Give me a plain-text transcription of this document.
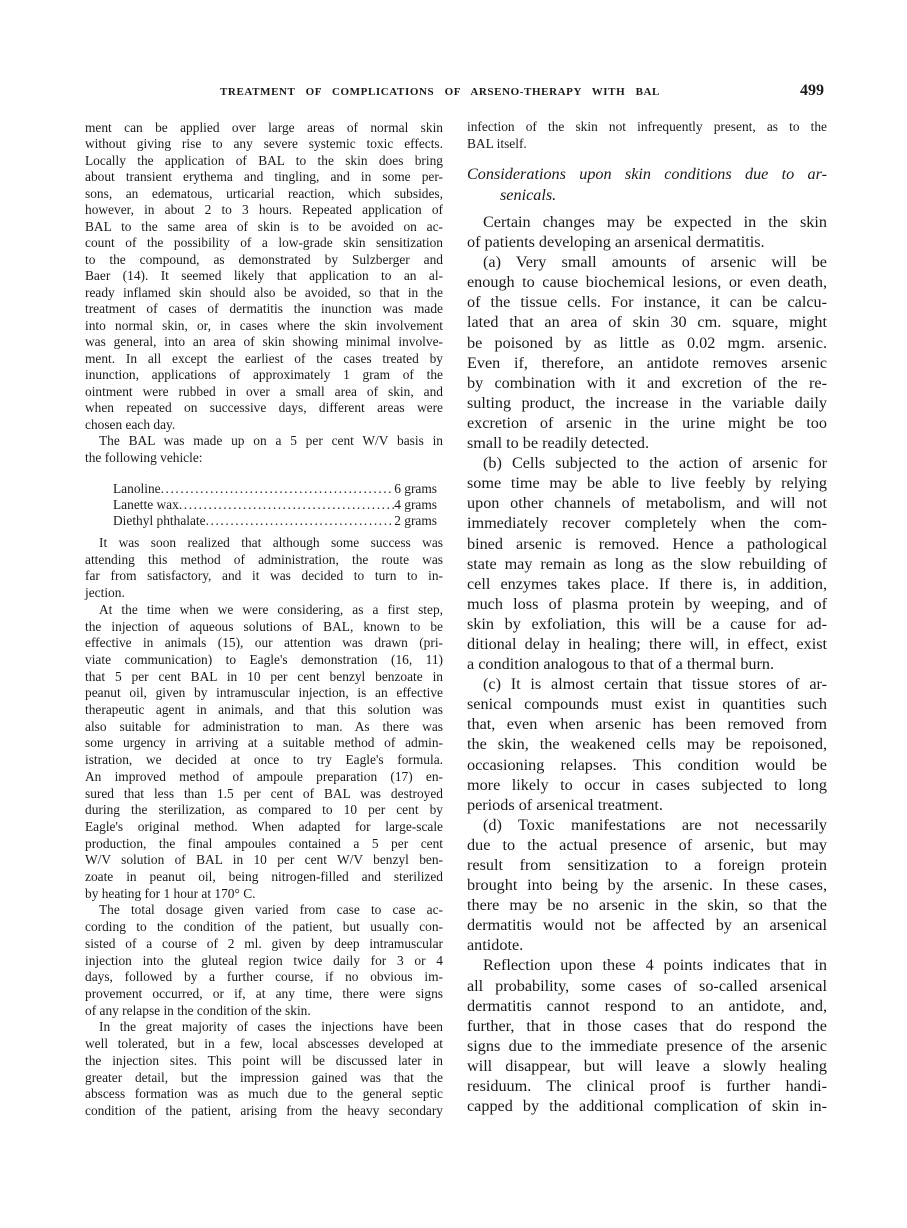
TREATMENT OF COMPLICATIONS OF ARSENO-THERAPY WITH BAL	499
ment can be applied over large areas of normal skin
without giving rise to any severe systemic toxic effects.
Locally the application of BAL to the skin does bring
about transient erythema and tingling, and in some per-
sons, an edematous, urticarial reaction, which subsides,
however, in about 2 to 3 hours. Repeated application of
BAL to the same area of skin is to be avoided on ac-
count of the possibility of a low-grade skin sensitization
to the compound, as demonstrated by Sulzberger and
Baer (14). It seemed likely that application to an al-
ready inflamed skin should also be avoided, so that in the
treatment of cases of dermatitis the inunction was made
into normal skin, or, in cases where the skin involvement
was general, into an area of skin showing minimal involve-
ment. In all except the earliest of the cases treated by
inunction, applications of approximately 1 gram of the
ointment were rubbed in over a small area of skin, and
when repeated on successive days, different areas were
chosen each day.
The BAL was made up on a 5 per cent W/V basis in
the following vehicle:
Lanoline .....	6 grams
Lanette wax .....	4 grams
Diethyl phthalate .....	2 grams
It was soon realized that although some success was
attending this method of administration, the route was
far from satisfactory, and it was decided to turn to in-
jection.
At the time when we were considering, as a first step,
the injection of aqueous solutions of BAL, known to be
effective in animals (15), our attention was drawn (pri-
viate communication) to Eagle's demonstration (16, 11)
that 5 per cent BAL in 10 per cent benzyl benzoate in
peanut oil, given by intramuscular injection, is an effective
therapeutic agent in animals, and that this solution was
also suitable for administration to man. As there was
some urgency in arriving at a suitable method of admin-
istration, we decided at once to try Eagle's formula.
An improved method of ampoule preparation (17) en-
sured that less than 1.5 per cent of BAL was destroyed
during the sterilization, as compared to 10 per cent by
Eagle's original method. When adapted for large-scale
production, the final ampoules contained a 5 per cent
W/V solution of BAL in 10 per cent W/V benzyl ben-
zoate in peanut oil, being nitrogen-filled and sterilized
by heating for 1 hour at 170° C.
The total dosage given varied from case to case ac-
cording to the condition of the patient, but usually con-
sisted of a course of 2 ml. given by deep intramuscular
injection into the gluteal region twice daily for 3 or 4
days, followed by a further course, if no obvious im-
provement occurred, or if, at any time, there were signs
of any relapse in the condition of the skin.
In the great majority of cases the injections have been
well tolerated, but in a few, local abscesses developed at
the injection sites. This point will be discussed later in
greater detail, but the impression gained was that the
abscess formation was as much due to the general septic
condition of the patient, arising from the heavy secondary
infection of the skin not infrequently present, as to the
BAL itself.
Considerations upon skin conditions due to ar-
senicals.
Certain changes may be expected in the skin
of patients developing an arsenical dermatitis.
(a) Very small amounts of arsenic will be
enough to cause biochemical lesions, or even death,
of the tissue cells. For instance, it can be calcu-
lated that an area of skin 30 cm. square, might
be poisoned by as little as 0.02 mgm. arsenic.
Even if, therefore, an antidote removes arsenic
by combination with it and excretion of the re-
sulting product, the increase in the variable daily
excretion of arsenic in the urine might be too
small to be readily detected.
(b) Cells subjected to the action of arsenic for
some time may be able to live feebly by relying
upon other channels of metabolism, and will not
immediately recover completely when the com-
bined arsenic is removed. Hence a pathological
state may remain as long as the slow rebuilding of
cell enzymes takes place. If there is, in addition,
much loss of plasma protein by weeping, and of
skin by exfoliation, this will be a cause for ad-
ditional delay in healing; there will, in effect, exist
a condition analogous to that of a thermal burn.
(c) It is almost certain that tissue stores of ar-
senical compounds must exist in quantities such
that, even when arsenic has been removed from
the skin, the weakened cells may be repoisoned,
occasioning relapses. This condition would be
more likely to occur in cases subjected to long
periods of arsenical treatment.
(d) Toxic manifestations are not necessarily
due to the actual presence of arsenic, but may
result from sensitization to a foreign protein
brought into being by the arsenic. In these cases,
there may be no arsenic in the skin, so that the
dermatitis would not be affected by an arsenical
antidote.
Reflection upon these 4 points indicates that in
all probability, some cases of so-called arsenical
dermatitis cannot respond to an antidote, and,
further, that in those cases that do respond the
signs due to the immediate presence of the arsenic
will disappear, but will leave a slowly healing
residuum. The clinical proof is further handi-
capped by the additional complication of skin in-
